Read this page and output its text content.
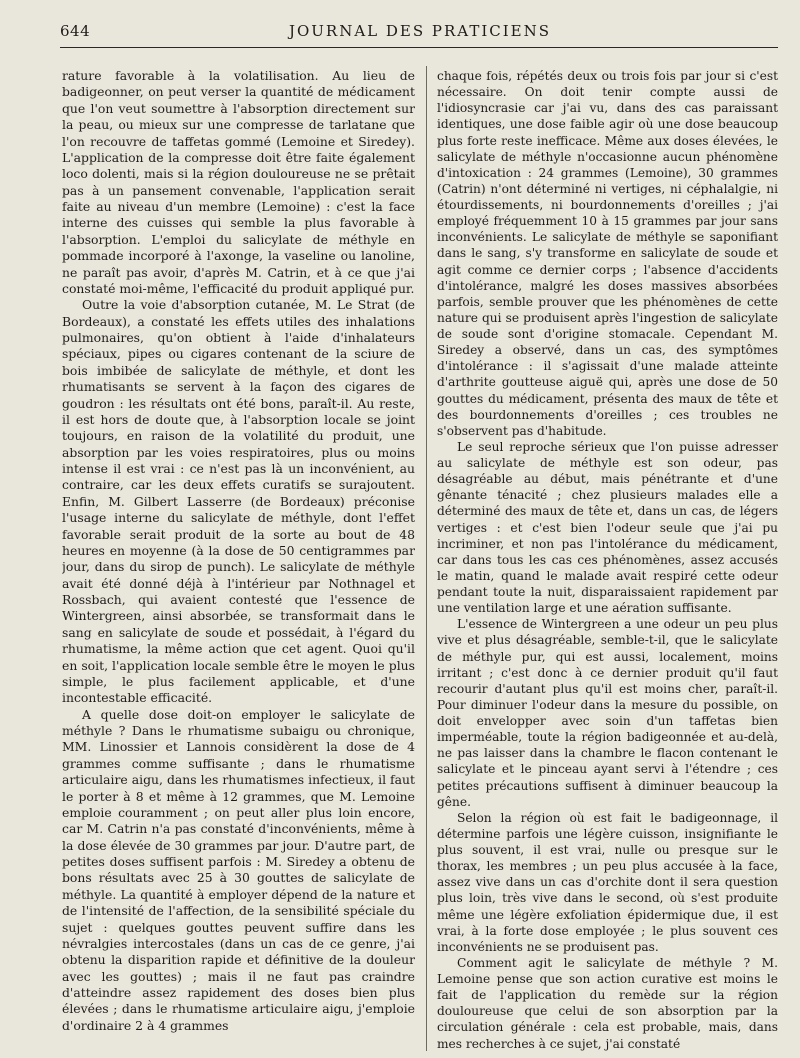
644	JOURNAL DES PRATICIENS

rature favorable à la volatilisation. Au lieu de badigeonner, on peut verser la quantité de médicament que l'on veut soumettre à l'absorption directement sur la peau, ou mieux sur une compresse de tarlatane que l'on recouvre de taffetas gommé (Lemoine et Siredey). L'application de la compresse doit être faite également loco dolenti, mais si la région douloureuse ne se prêtait pas à un pansement convenable, l'application serait faite au niveau d'un membre (Lemoine) : c'est la face interne des cuisses qui semble la plus favorable à l'absorption. L'emploi du salicylate de méthyle en pommade incorporé à l'axonge, la vaseline ou lanoline, ne paraît pas avoir, d'après M. Catrin, et à ce que j'ai constaté moi-même, l'efficacité du produit appliqué pur.

Outre la voie d'absorption cutanée, M. Le Strat (de Bordeaux), a constaté les effets utiles des inhalations pulmonaires, qu'on obtient à l'aide d'inhalateurs spéciaux, pipes ou cigares contenant de la sciure de bois imbibée de salicylate de méthyle, et dont les rhumatisants se servent à la façon des cigares de goudron : les résultats ont été bons, paraît-il. Au reste, il est hors de doute que, à l'absorption locale se joint toujours, en raison de la volatilité du produit, une absorption par les voies respiratoires, plus ou moins intense il est vrai : ce n'est pas là un inconvénient, au contraire, car les deux effets curatifs se surajoutent. Enfin, M. Gilbert Lasserre (de Bordeaux) préconise l'usage interne du salicylate de méthyle, dont l'effet favorable serait produit de la sorte au bout de 48 heures en moyenne (à la dose de 50 centigrammes par jour, dans du sirop de punch). Le salicylate de méthyle avait été donné déjà à l'intérieur par Nothnagel et Rossbach, qui avaient contesté que l'essence de Wintergreen, ainsi absorbée, se transformait dans le sang en salicylate de soude et possédait, à l'égard du rhumatisme, la même action que cet agent. Quoi qu'il en soit, l'application locale semble être le moyen le plus simple, le plus facilement applicable, et d'une incontestable efficacité.

A quelle dose doit-on employer le salicylate de méthyle ? Dans le rhumatisme subaigu ou chronique, MM. Linossier et Lannois considèrent la dose de 4 grammes comme suffisante ; dans le rhumatisme articulaire aigu, dans les rhumatismes infectieux, il faut le porter à 8 et même à 12 grammes, que M. Lemoine emploie couramment ; on peut aller plus loin encore, car M. Catrin n'a pas constaté d'inconvénients, même à la dose élevée de 30 grammes par jour. D'autre part, de petites doses suffisent parfois : M. Siredey a obtenu de bons résultats avec 25 à 30 gouttes de salicylate de méthyle. La quantité à employer dépend de la nature et de l'intensité de l'affection, de la sensibilité spéciale du sujet : quelques gouttes peuvent suffire dans les névralgies intercostales (dans un cas de ce genre, j'ai obtenu la disparition rapide et définitive de la douleur avec les gouttes) ; mais il ne faut pas craindre d'atteindre assez rapidement des doses bien plus élevées ; dans le rhumatisme articulaire aigu, j'emploie d'ordinaire 2 à 4 grammes

chaque fois, répétés deux ou trois fois par jour si c'est nécessaire. On doit tenir compte aussi de l'idiosyncrasie car j'ai vu, dans des cas paraissant identiques, une dose faible agir où une dose beaucoup plus forte reste inefficace. Même aux doses élevées, le salicylate de méthyle n'occasionne aucun phénomène d'intoxication : 24 grammes (Lemoine), 30 grammes (Catrin) n'ont déterminé ni vertiges, ni céphalalgie, ni étourdissements, ni bourdonnements d'oreilles ; j'ai employé fréquemment 10 à 15 grammes par jour sans inconvénients. Le salicylate de méthyle se saponifiant dans le sang, s'y transforme en salicylate de soude et agit comme ce dernier corps ; l'absence d'accidents d'intolérance, malgré les doses massives absorbées parfois, semble prouver que les phénomènes de cette nature qui se produisent après l'ingestion de salicylate de soude sont d'origine stomacale. Cependant M. Siredey a observé, dans un cas, des symptômes d'intolérance : il s'agissait d'une malade atteinte d'arthrite goutteuse aiguë qui, après une dose de 50 gouttes du médicament, présenta des maux de tête et des bourdonnements d'oreilles ; ces troubles ne s'observent pas d'habitude.

Le seul reproche sérieux que l'on puisse adresser au salicylate de méthyle est son odeur, pas désagréable au début, mais pénétrante et d'une gênante ténacité ; chez plusieurs malades elle a déterminé des maux de tête et, dans un cas, de légers vertiges : et c'est bien l'odeur seule que j'ai pu incriminer, et non pas l'intolérance du médicament, car dans tous les cas ces phénomènes, assez accusés le matin, quand le malade avait respiré cette odeur pendant toute la nuit, disparaissaient rapidement par une ventilation large et une aération suffisante.

L'essence de Wintergreen a une odeur un peu plus vive et plus désagréable, semble-t-il, que le salicylate de méthyle pur, qui est aussi, localement, moins irritant ; c'est donc à ce dernier produit qu'il faut recourir d'autant plus qu'il est moins cher, paraît-il. Pour diminuer l'odeur dans la mesure du possible, on doit envelopper avec soin d'un taffetas bien imperméable, toute la région badigeonnée et au-delà, ne pas laisser dans la chambre le flacon contenant le salicylate et le pinceau ayant servi à l'étendre ; ces petites précautions suffisent à diminuer beaucoup la gêne.

Selon la région où est fait le badigeonnage, il détermine parfois une légère cuisson, insignifiante le plus souvent, il est vrai, nulle ou presque sur le thorax, les membres ; un peu plus accusée à la face, assez vive dans un cas d'orchite dont il sera question plus loin, très vive dans le second, où s'est produite même une légère exfoliation épidermique due, il est vrai, à la forte dose employée ; le plus souvent ces inconvénients ne se produisent pas.

Comment agit le salicylate de méthyle ? M. Lemoine pense que son action curative est moins le fait de l'application du remède sur la région douloureuse que celui de son absorption par la circulation générale : cela est probable, mais, dans mes recherches à ce sujet, j'ai constaté
